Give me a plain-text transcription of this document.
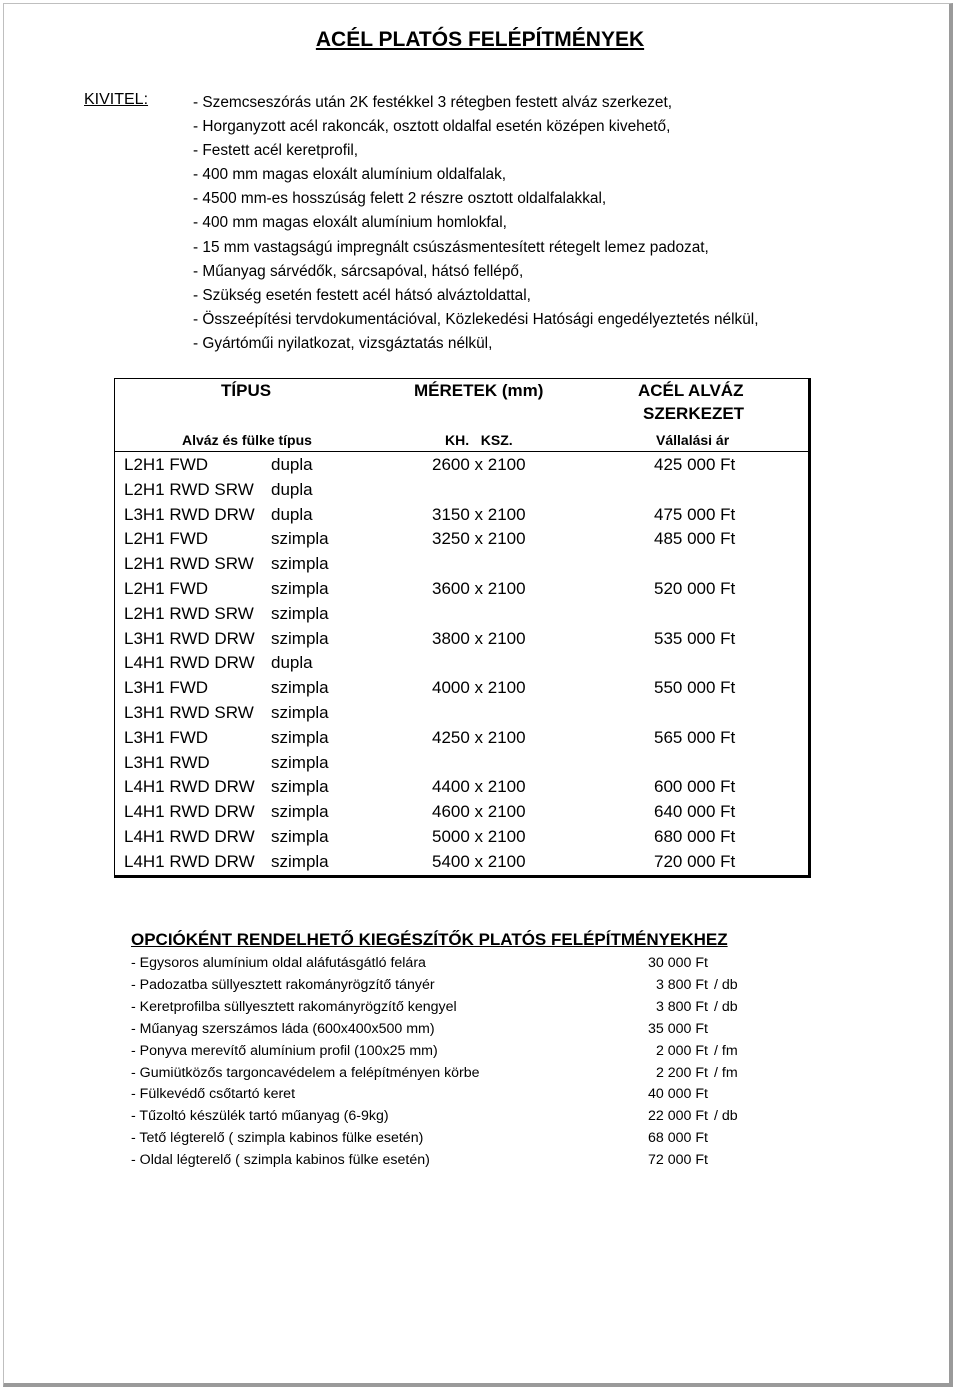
ACÉL PLATÓS FELÉPÍTMÉNYEK
KIVITEL:	- Szemcseszórás után 2K festékkel 3 rétegben festett alváz szerkezet,
- Horganyzott acél rakoncák, osztott oldalfal esetén középen kivehető,
- Festett acél keretprofil,
- 400 mm magas eloxált alumínium oldalfalak,
- 4500 mm-es hosszúság felett 2 részre osztott oldalfalakkal,
- 400 mm magas eloxált alumínium homlokfal,
- 15 mm vastagságú impregnált csúszásmentesített rétegelt lemez padozat,
- Műanyag sárvédők, sárcsapóval, hátsó fellépő,
- Szükség esetén festett acél hátsó alváztoldattal,
- Összeépítési tervdokumentációval, Közlekedési Hatósági engedélyeztetés nélkül,
- Gyártóműi nyilatkozat, vizsgáztatás nélkül,
TÍPUS	MÉRETEK (mm)	ACÉL ALVÁZ
SZERKEZET
Alváz és fülke típus	KH.   KSZ.	Vállalási ár
L2H1 FWD	dupla	2600 x 2100	425 000 Ft
L2H1 RWD SRW dupla
L3H1 RWD DRW dupla	3150 x 2100	475 000 Ft
L2H1 FWD	szimpla	3250 x 2100	485 000 Ft
L2H1 RWD SRW szimpla
L2H1 FWD	szimpla	3600 x 2100	520 000 Ft
L2H1 RWD SRW szimpla
L3H1 RWD DRW szimpla	3800 x 2100	535 000 Ft
L4H1 RWD DRW dupla
L3H1 FWD	szimpla	4000 x 2100	550 000 Ft
L3H1 RWD SRW szimpla
L3H1 FWD	szimpla	4250 x 2100	565 000 Ft
L3H1 RWD	szimpla
L4H1 RWD DRW szimpla	4400 x 2100	600 000 Ft
L4H1 RWD DRW szimpla	4600 x 2100	640 000 Ft
L4H1 RWD DRW szimpla	5000 x 2100	680 000 Ft
L4H1 RWD DRW szimpla	5400 x 2100	720 000 Ft
OPCIÓKÉNT RENDELHETŐ KIEGÉSZÍTŐK PLATÓS FELÉPÍTMÉNYEKHEZ
- Egysoros alumínium oldal aláfutásgátló felára	30 000 Ft
- Padozatba süllyesztett rakományrögzítő tányér	3 800 Ft / db
- Keretprofilba süllyesztett rakományrögzítő kengyel	3 800 Ft / db
- Műanyag szerszámos láda (600x400x500 mm)	35 000 Ft
- Ponyva merevítő alumínium profil (100x25 mm)	2 000 Ft / fm
- Gumiütközős targoncavédelem a felépítményen körbe	2 200 Ft / fm
- Fülkevédő csőtartó keret	40 000 Ft
- Tűzoltó készülék tartó műanyag (6-9kg)	22 000 Ft / db
- Tető légterelő ( szimpla kabinos fülke esetén)	68 000 Ft
- Oldal légterelő ( szimpla kabinos fülke esetén)	72 000 Ft
